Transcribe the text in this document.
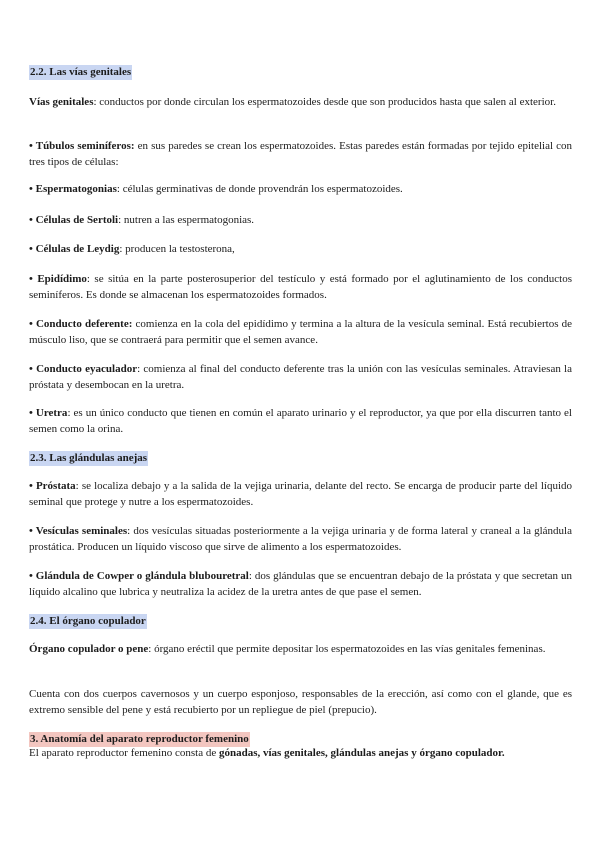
2.2. Las vías genitales

Vías genitales: conductos por donde circulan los espermatozoides desde que son producidos hasta que salen al exterior.

• Túbulos seminíferos: en sus paredes se crean los espermatozoides. Estas paredes están formadas por tejido epitelial con tres tipos de células:

• Espermatogonias: células germinativas de donde provendrán los espermatozoides.

• Células de Sertoli: nutren a las espermatogonias.

• Células de Leydig: producen la testosterona,

• Epidídimo: se sitúa en la parte posterosuperior del testículo y está formado por el aglutinamiento de los conductos seminíferos. Es donde se almacenan los espermatozoides formados.

• Conducto deferente: comienza en la cola del epidídimo y termina a la altura de la vesícula seminal. Está recubiertos de músculo liso, que se contraerá para permitir que el semen avance.

• Conducto eyaculador: comienza al final del conducto deferente tras la unión con las vesículas seminales. Atraviesan la próstata y desembocan en la uretra.

• Uretra: es un único conducto que tienen en común el aparato urinario y el reproductor, ya que por ella discurren tanto el semen como la orina.

2.3. Las glándulas anejas

• Próstata: se localiza debajo y a la salida de la vejiga urinaria, delante del recto. Se encarga de producir parte del líquido seminal que protege y nutre a los espermatozoides.

• Vesículas seminales: dos vesículas situadas posteriormente a la vejiga urinaria y de forma lateral y craneal a la glándula prostática. Producen un líquido viscoso que sirve de alimento a los espermatozoides.

• Glándula de Cowper o glándula blubouretral: dos glándulas que se encuentran debajo de la próstata y que secretan un líquido alcalino que lubrica y neutraliza la acidez de la uretra antes de que pase el semen.

2.4. El órgano copulador

Órgano copulador o pene: órgano eréctil que permite depositar los espermatozoides en las vías genitales femeninas.

Cuenta con dos cuerpos cavernosos y un cuerpo esponjoso, responsables de la erección, así como con el glande, que es extremo sensible del pene y está recubierto por un repliegue de piel (prepucio).

3. Anatomía del aparato reproductor femenino

El aparato reproductor femenino consta de gónadas, vías genitales, glándulas anejas y órgano copulador.
